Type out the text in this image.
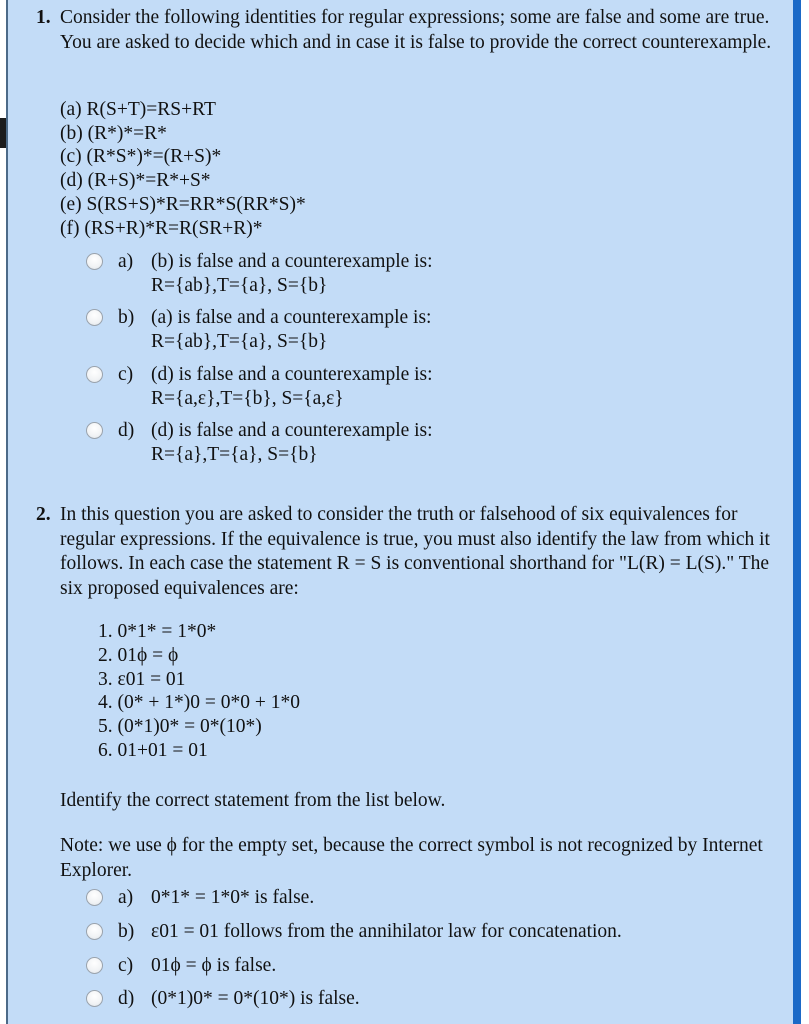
1. Consider the following identities for regular expressions; some are false and some are true. You are asked to decide which and in case it is false to provide the correct counterexample.
(a) R(S+T)=RS+RT
(b) (R*)*=R*
(c) (R*S*)*=(R+S)*
(d) (R+S)*=R*+S*
(e) S(RS+S)*R=RR*S(RR*S)*
(f) (RS+R)*R=R(SR+R)*
a) (b) is false and a counterexample is:
R={ab},T={a}, S={b}
b) (a) is false and a counterexample is:
R={ab},T={a}, S={b}
c) (d) is false and a counterexample is:
R={a,ε},T={b}, S={a,ε}
d) (d) is false and a counterexample is:
R={a},T={a}, S={b}
2. In this question you are asked to consider the truth or falsehood of six equivalences for regular expressions. If the equivalence is true, you must also identify the law from which it follows. In each case the statement R = S is conventional shorthand for "L(R) = L(S)." The six proposed equivalences are:
1. 0*1* = 1*0*
2. 01ϕ = ϕ
3. ε01 = 01
4. (0* + 1*)0 = 0*0 + 1*0
5. (0*1)0* = 0*(10*)
6. 01+01 = 01
Identify the correct statement from the list below.
Note: we use ϕ for the empty set, because the correct symbol is not recognized by Internet Explorer.
a) 0*1* = 1*0* is false.
b) ε01 = 01 follows from the annihilator law for concatenation.
c) 01ϕ = ϕ is false.
d) (0*1)0* = 0*(10*) is false.
